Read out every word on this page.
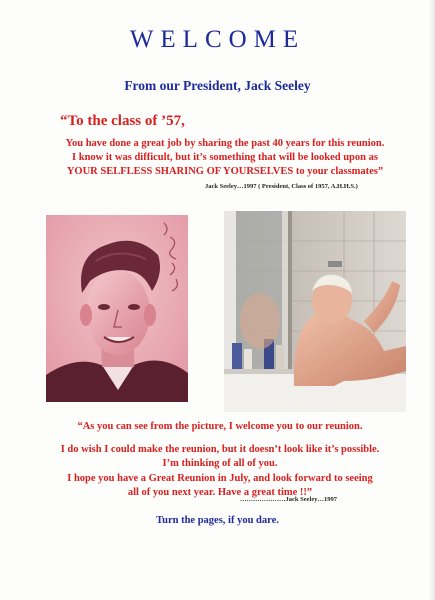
WELCOME
From our President, Jack Seeley
“To the class of ’57,
You have done a great job by sharing the past 40 years for this reunion.
I know it was difficult, but it’s something that will be looked upon as
YOUR SELFLESS SHARING OF YOURSELVES to your classmates”
Jack Seeley…1997 ( President, Class of 1957, A.H.H.S.)
“As you can see from the picture, I welcome you to our reunion.
I do wish I could make the reunion, but it doesn’t look like it’s possible.
I’m thinking of all of you.
I hope you have a Great Reunion in July, and look forward to seeing
all of you next year. Have a great time !!”
…………………Jack Seeley…1997
Turn the pages, if you dare.
